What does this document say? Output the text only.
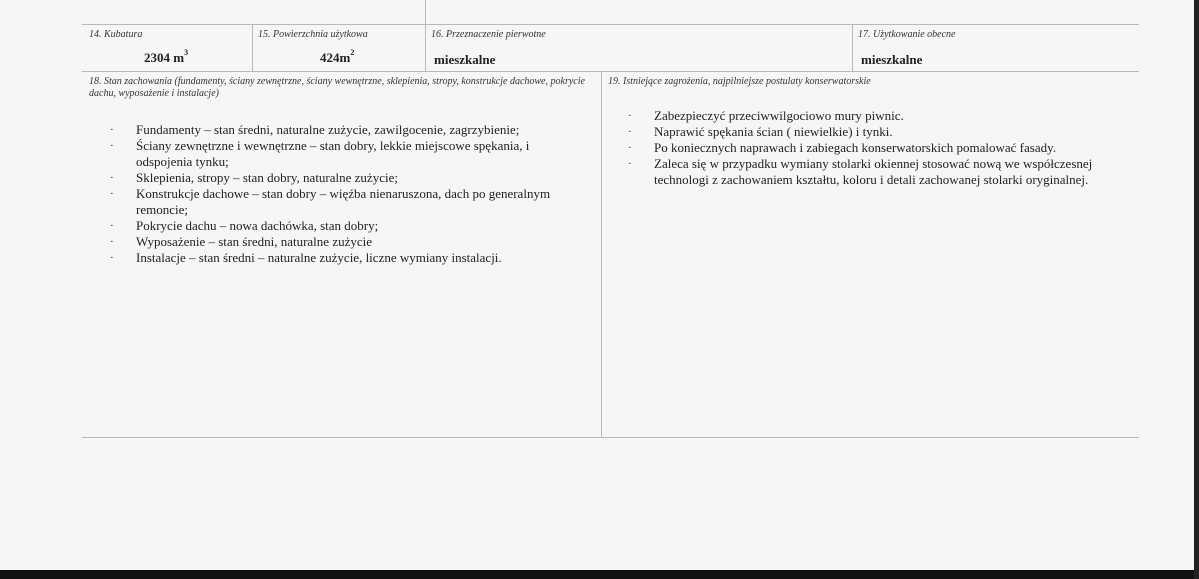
14. Kubatura
2304 $m^3$
15. Powierzchnia użytkowa
$424m^2$
16. Przeznaczenie pierwotne
mieszkalne
17. Użytkowanie obecne
mieszkalne
18. Stan zachowania (fundamenty, ściany zewnętrzne, ściany wewnętrzne, sklepienia, stropy, konstrukcje dachowe, pokrycie dachu, wyposażenie i instalacje)
·	Fundamenty – stan średni, naturalne zużycie, zawilgocenie, zagrzybienie;
·	Ściany zewnętrzne i wewnętrzne – stan dobry, lekkie miejscowe spękania, i odspojenia tynku;
·	Sklepienia, stropy – stan dobry, naturalne zużycie;
·	Konstrukcje dachowe – stan dobry – więźba nienaruszona, dach po generalnym remoncie;
·	Pokrycie dachu – nowa dachówka, stan dobry;
·	Wyposażenie – stan średni, naturalne zużycie
·	Instalacje – stan średni – naturalne zużycie, liczne wymiany instalacji.
19. Istniejące zagrożenia, najpilniejsze postulaty konserwatorskie
·	Zabezpieczyć przeciwwilgociowo mury piwnic.
·	Naprawić spękania ścian ( niewielkie) i tynki.
·	Po koniecznych naprawach i zabiegach konserwatorskich pomalować fasady.
·	Zaleca się w przypadku wymiany stolarki okiennej stosować nową we współczesnej technologi z zachowaniem kształtu, koloru i detali zachowanej stolarki oryginalnej.
